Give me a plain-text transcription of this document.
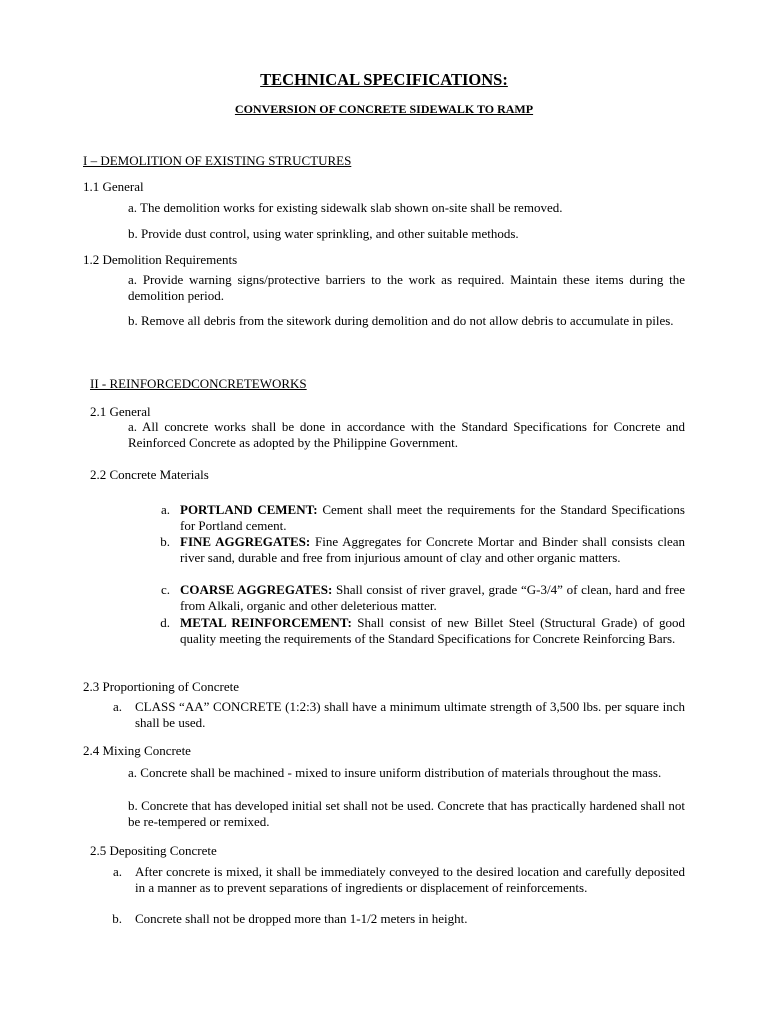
TECHNICAL SPECIFICATIONS:
CONVERSION OF CONCRETE SIDEWALK TO RAMP
I – DEMOLITION OF EXISTING STRUCTURES
1.1 General
a. The demolition works for existing sidewalk slab shown on-site shall be removed.
b. Provide dust control, using water sprinkling, and other suitable methods.
1.2 Demolition Requirements
a. Provide warning signs/protective barriers to the work as required. Maintain these items during the demolition period.
b. Remove all debris from the sitework during demolition and do not allow debris to accumulate in piles.
II - REINFORCEDCONCRETEWORKS
2.1 General
a. All concrete works shall be done in accordance with the Standard Specifications for Concrete and Reinforced Concrete as adopted by the Philippine Government.
2.2 Concrete Materials
a. PORTLAND CEMENT: Cement shall meet the requirements for the Standard Specifications for Portland cement.
b. FINE AGGREGATES: Fine Aggregates for Concrete Mortar and Binder shall consists clean river sand, durable and free from injurious amount of clay and other organic matters.
c. COARSE AGGREGATES: Shall consist of river gravel, grade “G-3/4” of clean, hard and free from Alkali, organic and other deleterious matter.
d. METAL REINFORCEMENT: Shall consist of new Billet Steel (Structural Grade) of good quality meeting the requirements of the Standard Specifications for Concrete Reinforcing Bars.
2.3 Proportioning of Concrete
a. CLASS “AA” CONCRETE (1:2:3) shall have a minimum ultimate strength of 3,500 lbs. per square inch shall be used.
2.4 Mixing Concrete
a. Concrete shall be machined - mixed to insure uniform distribution of materials throughout the mass.
b. Concrete that has developed initial set shall not be used. Concrete that has practically hardened shall not be re-tempered or remixed.
2.5 Depositing Concrete
a. After concrete is mixed, it shall be immediately conveyed to the desired location and carefully deposited in a manner as to prevent separations of ingredients or displacement of reinforcements.
b. Concrete shall not be dropped more than 1-1/2 meters in height.
